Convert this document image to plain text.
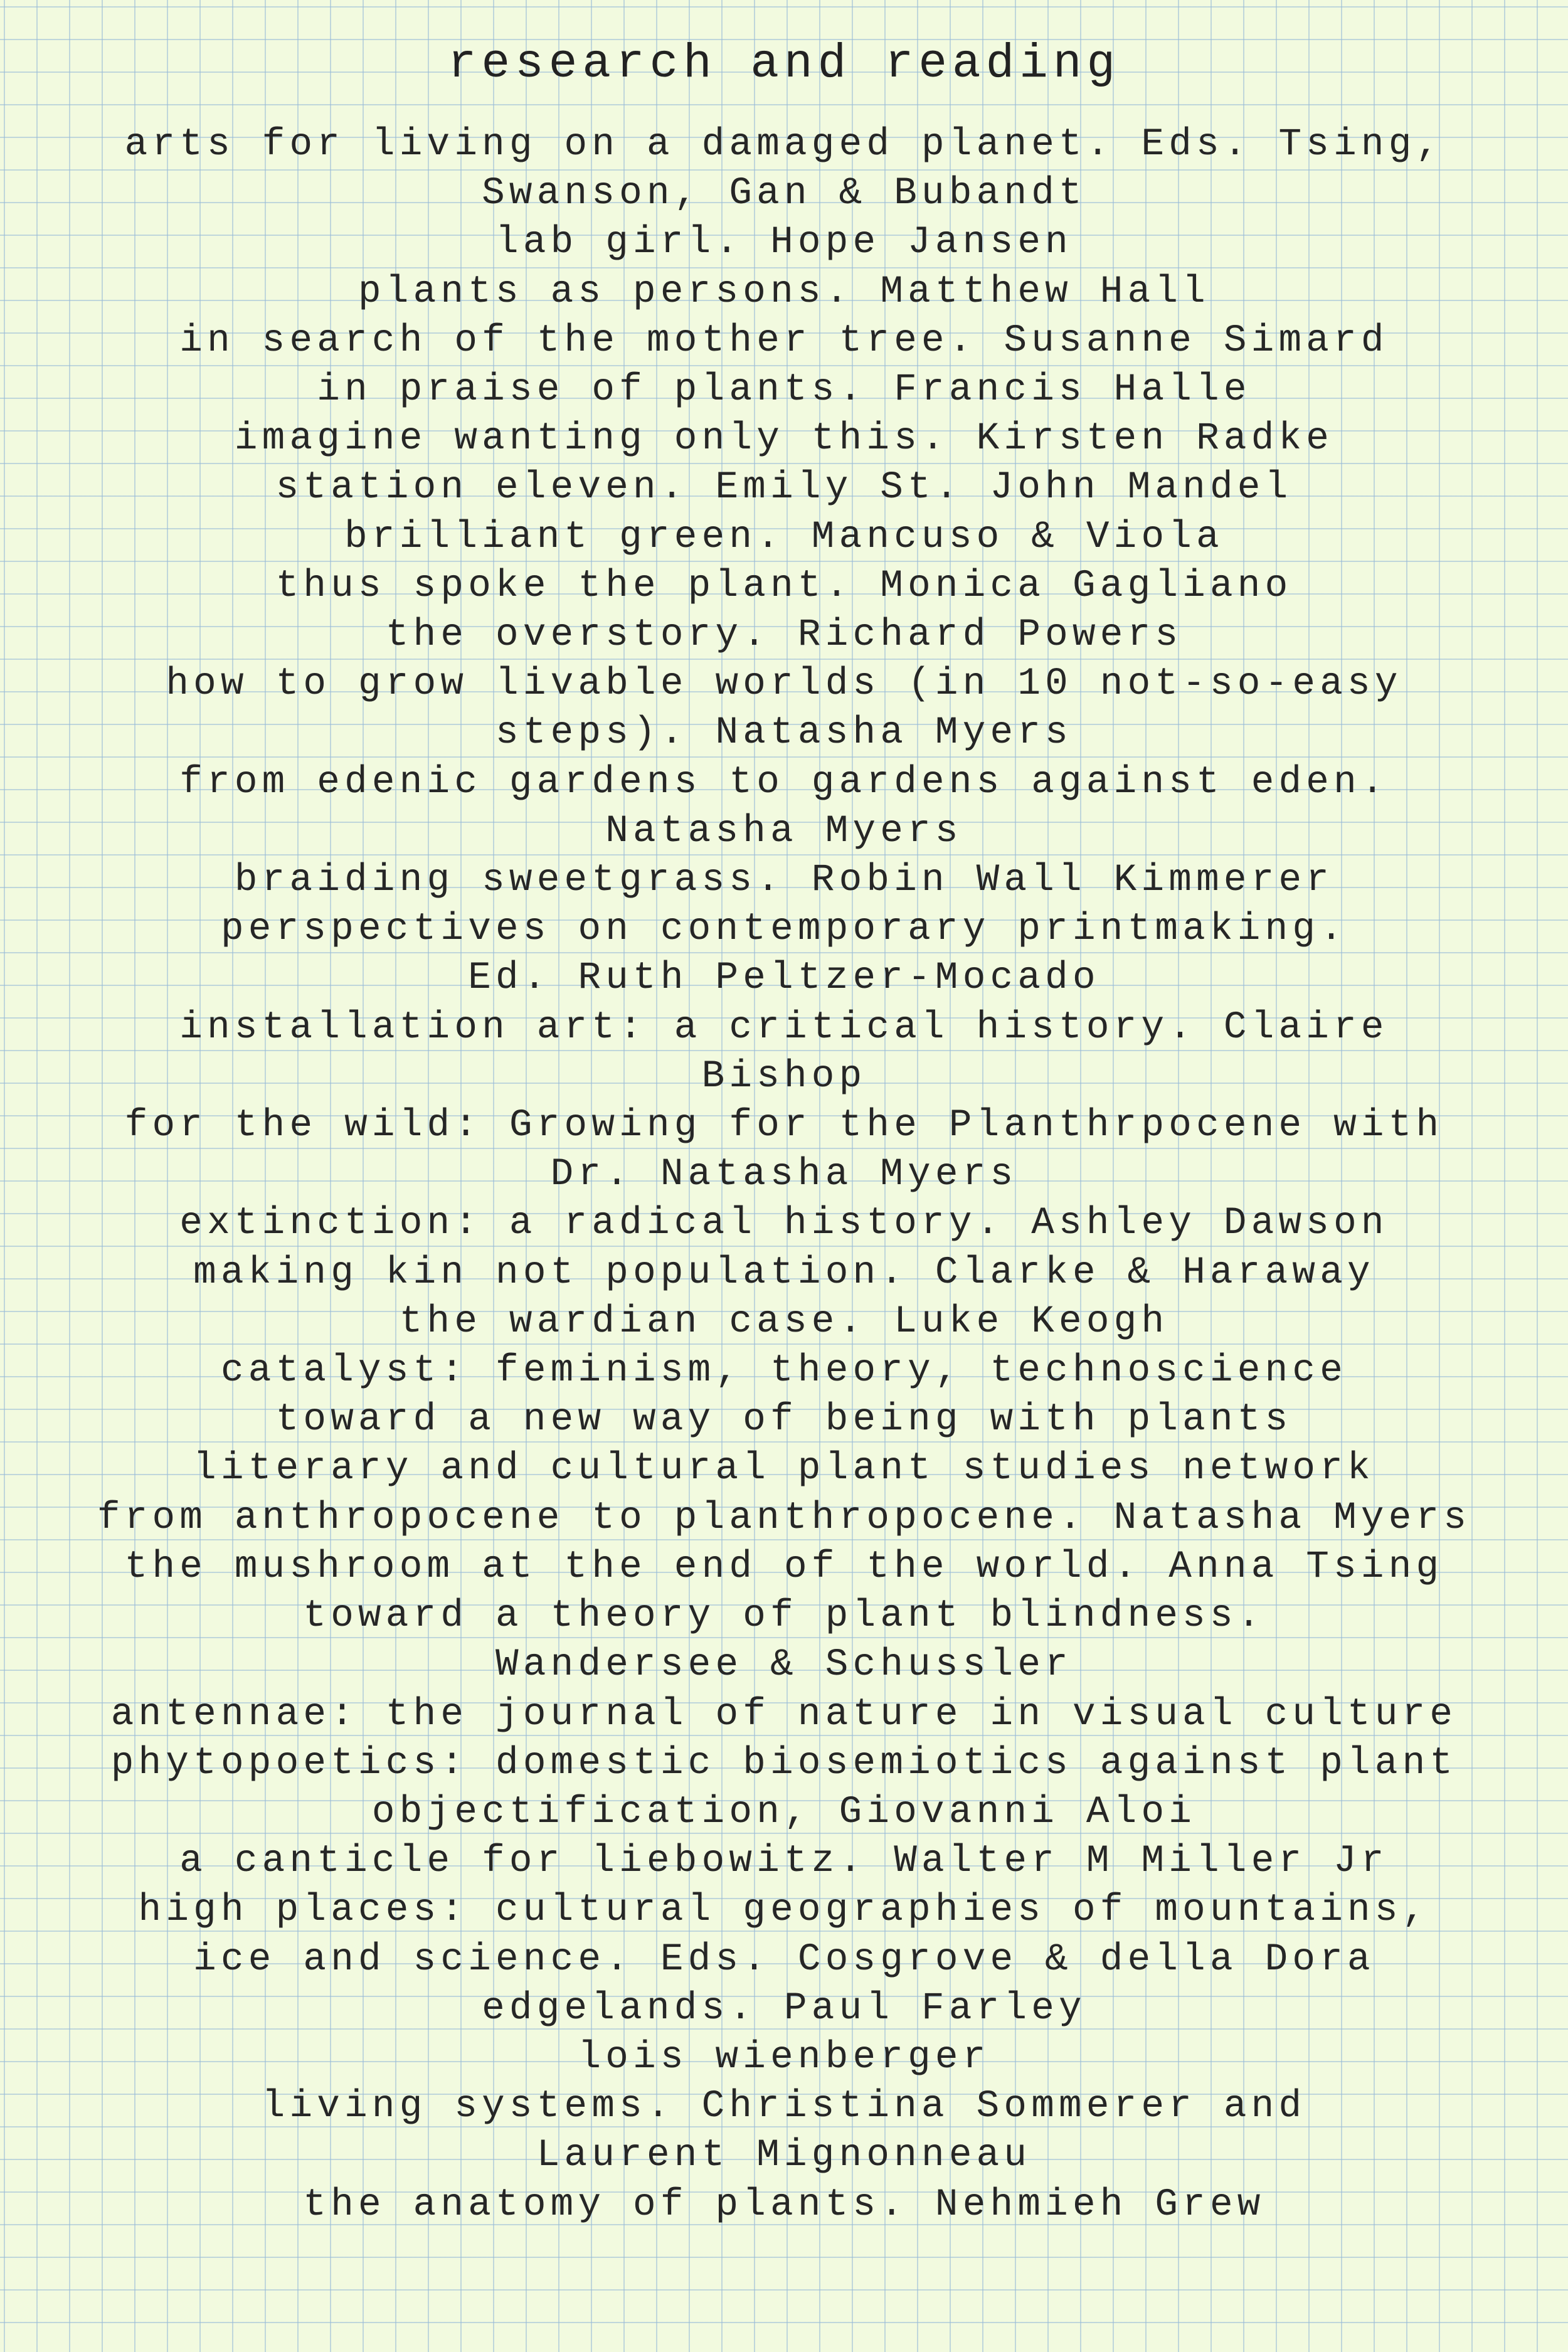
research and reading
arts for living on a damaged planet. Eds. Tsing,
Swanson, Gan & Bubandt
lab girl. Hope Jansen
plants as persons. Matthew Hall
in search of the mother tree. Susanne Simard
in praise of plants. Francis Halle
imagine wanting only this. Kirsten Radke
station eleven. Emily St. John Mandel
brilliant green. Mancuso & Viola
thus spoke the plant. Monica Gagliano
the overstory. Richard Powers
how to grow livable worlds (in 10 not-so-easy
steps). Natasha Myers
from edenic gardens to gardens against eden.
Natasha Myers
braiding sweetgrass. Robin Wall Kimmerer
perspectives on contemporary printmaking.
Ed. Ruth Peltzer-Mocado
installation art: a critical history. Claire
Bishop
for the wild: Growing for the Planthrpocene with
Dr. Natasha Myers
extinction: a radical history. Ashley Dawson
making kin not population. Clarke & Haraway
the wardian case. Luke Keogh
catalyst: feminism, theory, technoscience
toward a new way of being with plants
literary and cultural plant studies network
from anthropocene to planthropocene. Natasha Myers
the mushroom at the end of the world. Anna Tsing
toward a theory of plant blindness.
Wandersee & Schussler
antennae: the journal of nature in visual culture
phytopoetics: domestic biosemiotics against plant
objectification, Giovanni Aloi
a canticle for liebowitz. Walter M Miller Jr
high places: cultural geographies of mountains,
ice and science. Eds. Cosgrove & della Dora
edgelands. Paul Farley
lois wienberger
living systems. Christina Sommerer and
Laurent Mignonneau
the anatomy of plants. Nehmieh Grew
